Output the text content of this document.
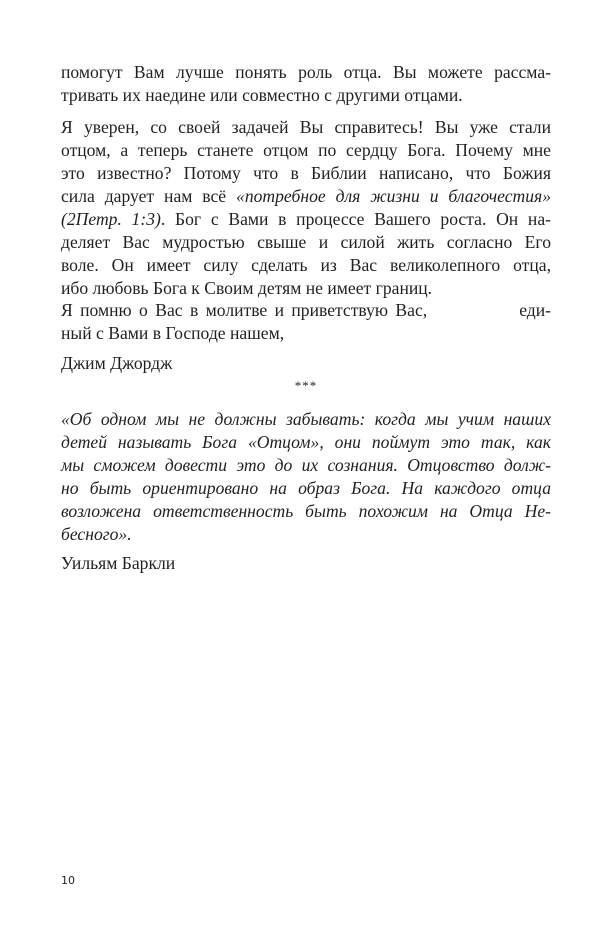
помогут Вам лучше понять роль отца. Вы можете рассма-
тривать их наедине или совместно с другими отцами.
Я уверен, со своей задачей Вы справитесь! Вы уже стали
отцом, а теперь станете отцом по сердцу Бога. Почему мне
это известно? Потому что в Библии написано, что Божия
сила дарует нам всё «потребное для жизни и благочестия»
(2Петр. 1:3). Бог с Вами в процессе Вашего роста. Он на-
деляет Вас мудростью свыше и силой жить согласно Его
воле. Он имеет силу сделать из Вас великолепного отца,
ибо любовь Бога к Своим детям не имеет границ.
Я помню о Вас в молитве и приветствую Вас,	еди-
ный с Вами в Господе нашем,
Джим Джордж
***
«Об одном мы не должны забывать: когда мы учим наших
детей называть Бога «Отцом», они поймут это так, как
мы сможем довести это до их сознания. Отцовство долж-
но быть ориентировано на образ Бога. На каждого отца
возложена ответственность быть похожим на Отца Не-
бесного».
Уильям Баркли
10
